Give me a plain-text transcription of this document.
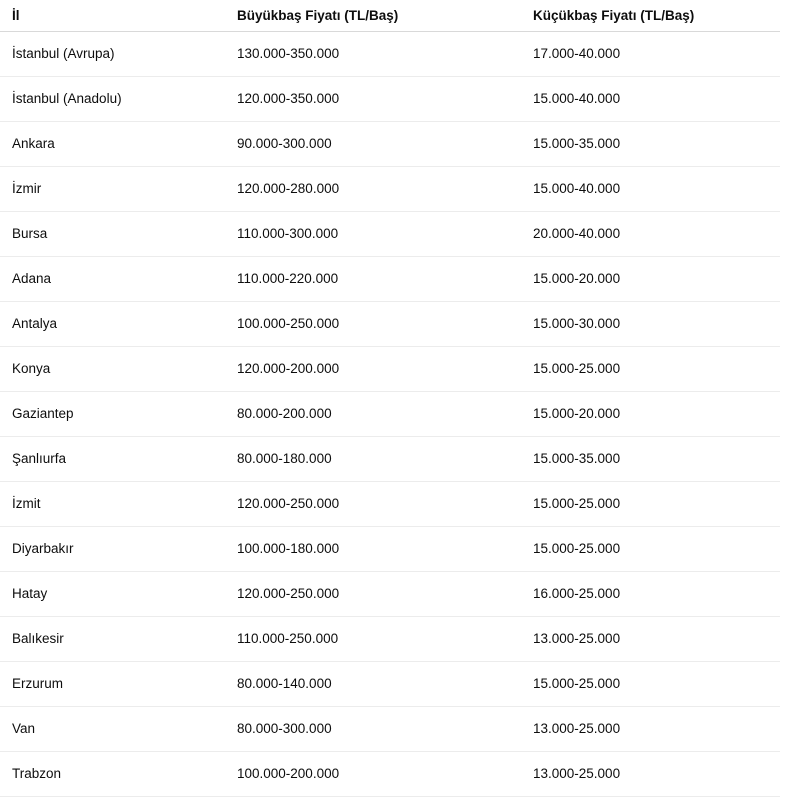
İl	Büyükbaş Fiyatı (TL/Baş)	Küçükbaş Fiyatı (TL/Baş)
İstanbul (Avrupa)	130.000-350.000	17.000-40.000
İstanbul (Anadolu)	120.000-350.000	15.000-40.000
Ankara	90.000-300.000	15.000-35.000
İzmir	120.000-280.000	15.000-40.000
Bursa	110.000-300.000	20.000-40.000
Adana	110.000-220.000	15.000-20.000
Antalya	100.000-250.000	15.000-30.000
Konya	120.000-200.000	15.000-25.000
Gaziantep	80.000-200.000	15.000-20.000
Şanlıurfa	80.000-180.000	15.000-35.000
İzmit	120.000-250.000	15.000-25.000
Diyarbakır	100.000-180.000	15.000-25.000
Hatay	120.000-250.000	16.000-25.000
Balıkesir	110.000-250.000	13.000-25.000
Erzurum	80.000-140.000	15.000-25.000
Van	80.000-300.000	13.000-25.000
Trabzon	100.000-200.000	13.000-25.000
